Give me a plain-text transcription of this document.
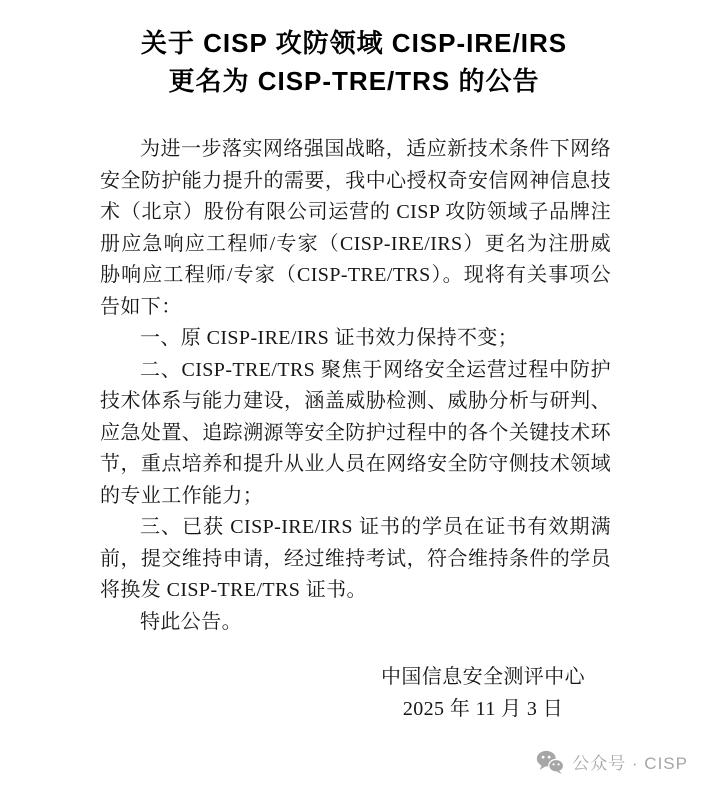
关于 CISP 攻防领域 CISP-IRE/IRS
更名为 CISP-TRE/TRS 的公告

为进一步落实网络强国战略，适应新技术条件下网络安全防护能力提升的需要，我中心授权奇安信网神信息技术（北京）股份有限公司运营的 CISP 攻防领域子品牌注册应急响应工程师/专家（CISP-IRE/IRS）更名为注册威胁响应工程师/专家（CISP-TRE/TRS）。现将有关事项公告如下：

一、原 CISP-IRE/IRS 证书效力保持不变；

二、CISP-TRE/TRS 聚焦于网络安全运营过程中防护技术体系与能力建设，涵盖威胁检测、威胁分析与研判、应急处置、追踪溯源等安全防护过程中的各个关键技术环节，重点培养和提升从业人员在网络安全防守侧技术领域的专业工作能力；

三、已获 CISP-IRE/IRS 证书的学员在证书有效期满前，提交维持申请，经过维持考试，符合维持条件的学员将换发 CISP-TRE/TRS 证书。

特此公告。

中国信息安全测评中心
2025 年 11 月 3 日
公众号 · CISP
